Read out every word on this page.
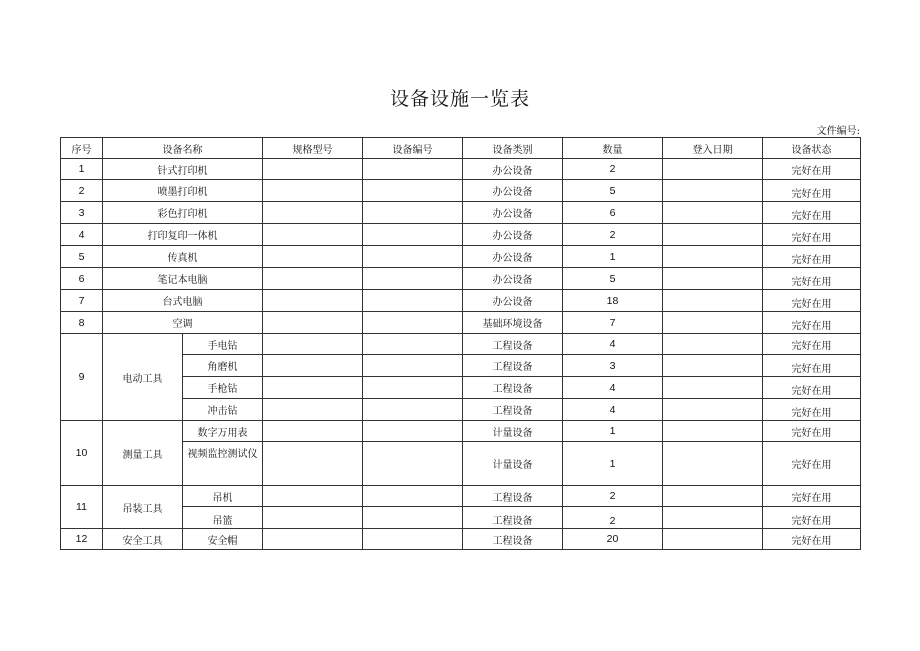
设备设施一览表
文件编号:
序号	设备名称		规格型号	设备编号	设备类别	数量	登入日期	设备状态
1	针式打印机				办公设备	2		完好在用
2	喷墨打印机				办公设备	5		完好在用
3	彩色打印机				办公设备	6		完好在用
4	打印复印一体机				办公设备	2		完好在用
5	传真机				办公设备	1		完好在用
6	笔记本电脑				办公设备	5		完好在用
7	台式电脑				办公设备	18		完好在用
8	空调				基础环境设备	7		完好在用
9	电动工具	手电钻			工程设备	4		完好在用
		角磨机			工程设备	3		完好在用
		手枪钻			工程设备	4		完好在用
		冲击钻			工程设备	4		完好在用
10	测量工具	数字万用表			计量设备	1		完好在用
		视频监控测试仪			计量设备	1		完好在用
11	吊装工具	吊机			工程设备	2		完好在用
		吊篮			工程设备	2		完好在用
12	安全工具	安全帽			工程设备	20		完好在用
